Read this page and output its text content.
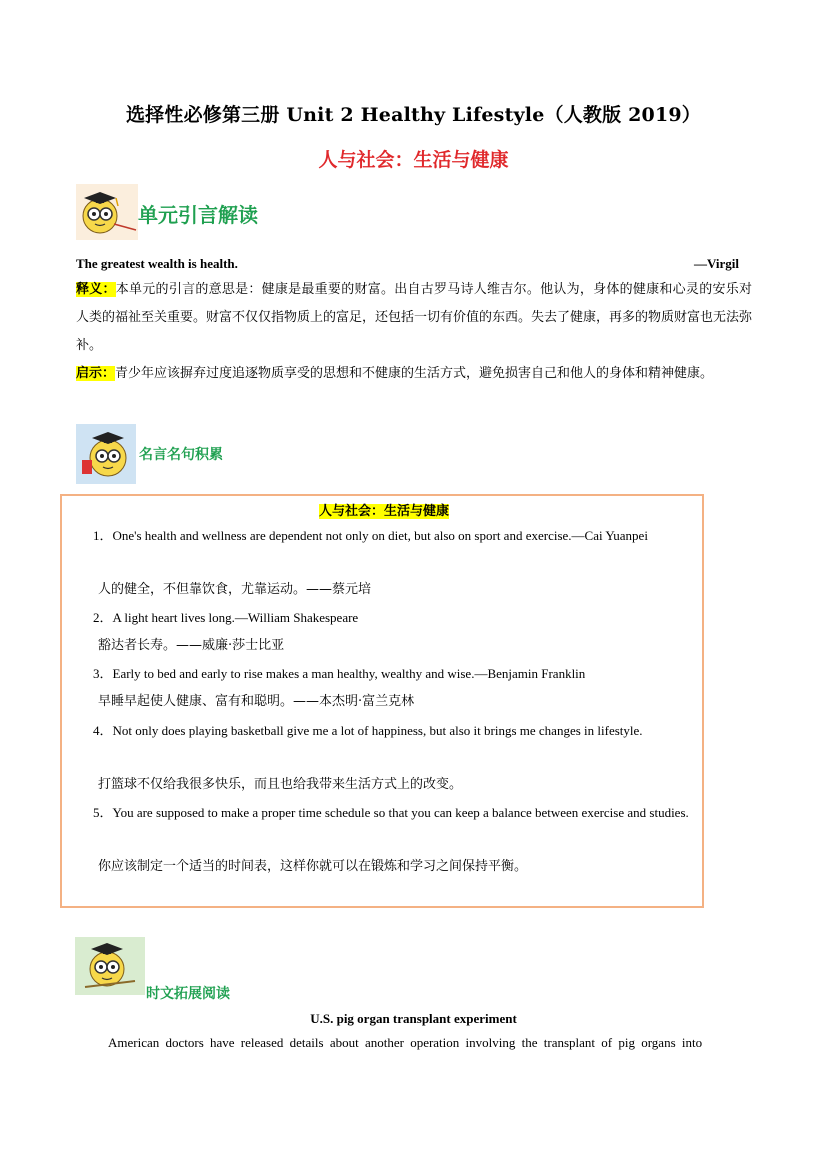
选择性必修第三册 Unit 2 Healthy Lifestyle（人教版 2019）
人与社会：生活与健康
单元引言解读
The greatest wealth is health.	—Virgil
释义：本单元的引言的意思是：健康是最重要的财富。出自古罗马诗人维吉尔。他认为，身体的健康和心灵的安乐对人类的福祉至关重要。财富不仅仅指物质上的富足，还包括一切有价值的东西。失去了健康，再多的物质财富也无法弥补。
启示：青少年应该摒弃过度追逐物质享受的思想和不健康的生活方式，避免损害自己和他人的身体和精神健康。
名言名句积累
人与社会：生活与健康
1．One's health and wellness are dependent not only on diet, but also on sport and exercise.—Cai Yuanpei
人的健全，不但靠饮食，尤靠运动。——蔡元培
2．A light heart lives long.—William Shakespeare
豁达者长寿。——威廉·莎士比亚
3．Early to bed and early to rise makes a man healthy, wealthy and wise.—Benjamin Franklin
早睡早起使人健康、富有和聪明。——本杰明·富兰克林
4．Not only does playing basketball give me a lot of happiness, but also it brings me changes in lifestyle.
打篮球不仅给我很多快乐，而且也给我带来生活方式上的改变。
5．You are supposed to make a proper time schedule so that you can keep a balance between exercise and studies.
你应该制定一个适当的时间表，这样你就可以在锻炼和学习之间保持平衡。
时文拓展阅读
U.S. pig organ transplant experiment
American doctors have released details about another operation involving the transplant of pig organs into
